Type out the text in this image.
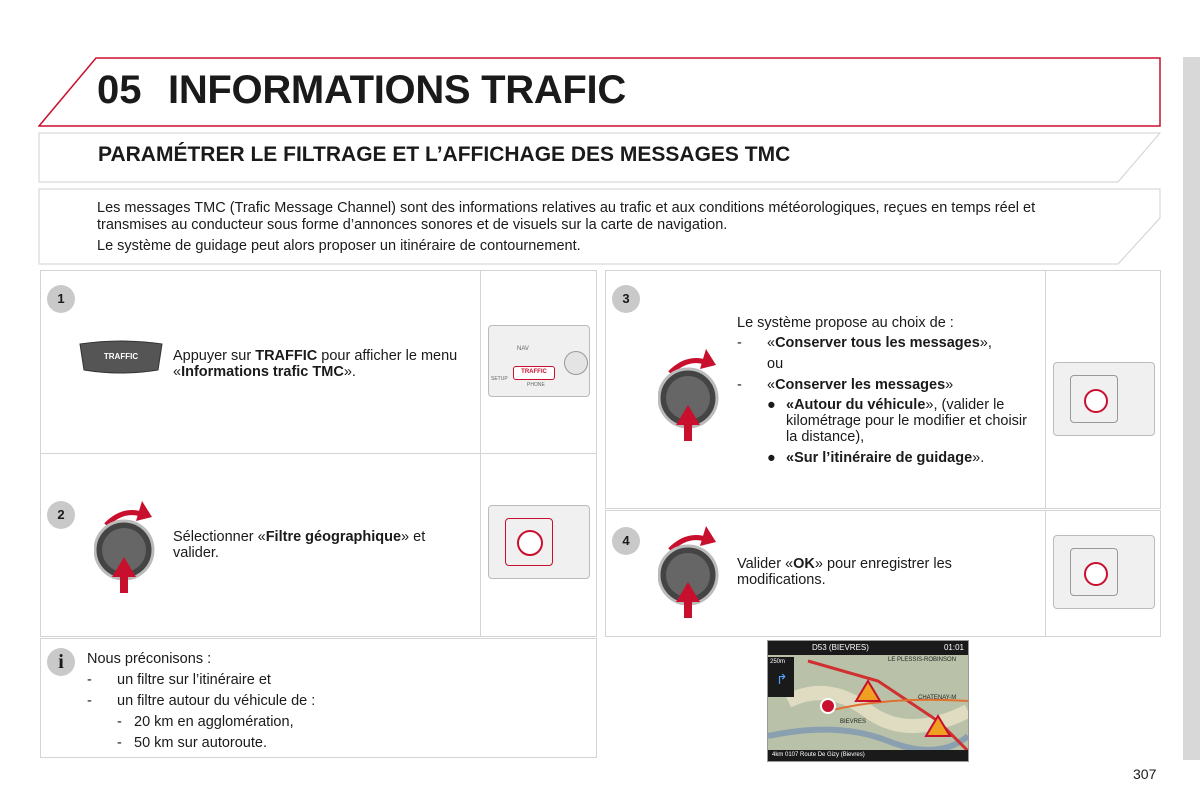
05 INFORMATIONS TRAFIC
PARAMÉTRER LE FILTRAGE ET L’AFFICHAGE DES MESSAGES TMC

Les messages TMC (Trafic Message Channel) sont des informations relatives au trafic et aux conditions météorologiques, reçues en temps réel et transmises au conducteur sous forme d’annonces sonores et de visuels sur la carte de navigation.

Le système de guidage peut alors proposer un itinéraire de contournement.

1
TRAFFIC	Appuyer sur TRAFFIC pour afficher le menu «Informations trafic TMC».
NAV
TRAFFIC
PHONE
SETUP
2
Sélectionner «Filtre géographique» et valider.
3
Le système propose au choix de :
- «Conserver tous les messages»,
ou
- «Conserver les messages»
● «Autour du véhicule», (valider le kilométrage pour le modifier et choisir la distance),
● «Sur l’itinéraire de guidage».
4
Valider «OK» pour enregistrer les modifications.
i	Nous préconisons :
- un filtre sur l’itinéraire et
- un filtre autour du véhicule de :
- 20 km en agglomération,
- 50 km sur autoroute.
D53 (BIEVRES)	01:01
250m
↱
LE PLESSIS-ROBINSON
CHATENAY-M
BIEVRES
4km 0107 Route De Gizy (Bievres)
307
